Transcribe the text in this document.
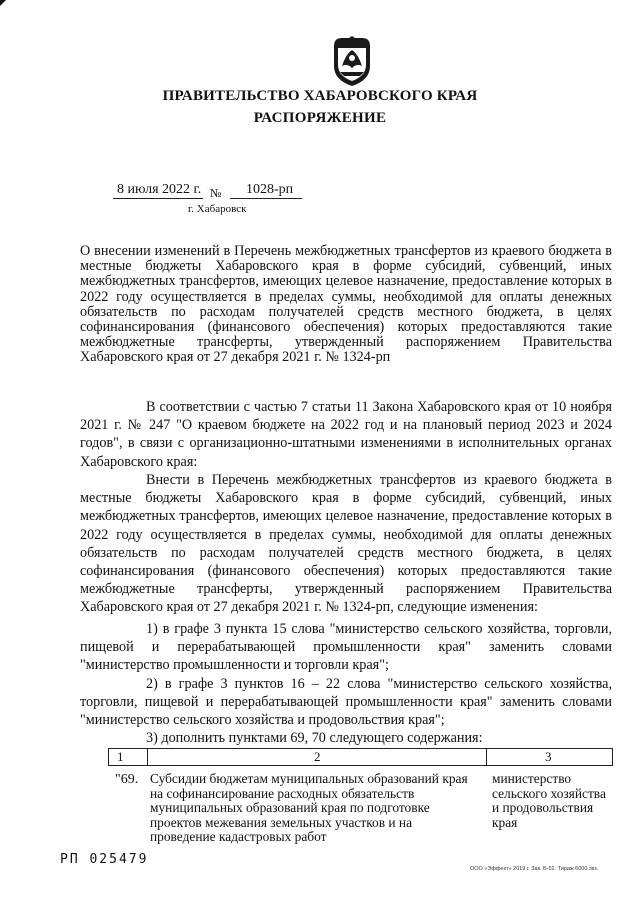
ПРАВИТЕЛЬСТВО ХАБАРОВСКОГО КРАЯ
РАСПОРЯЖЕНИЕ
8 июля 2022 г. № 1028-рп
г. Хабаровск
О внесении изменений в Перечень межбюджетных трансфертов из краевого бюджета в местные бюджеты Хабаровского края в форме субсидий, субвенций, иных межбюджетных трансфертов, имеющих целевое назначение, предоставление которых в 2022 году осуществляется в пределах суммы, необходимой для оплаты денежных обязательств по расходам получателей средств местного бюджета, в целях софинансирования (финансового обеспечения) которых предоставляются такие межбюджетные трансферты, утвержденный распоряжением Правительства Хабаровского края от 27 декабря 2021 г. № 1324-рп
В соответствии с частью 7 статьи 11 Закона Хабаровского края от 10 ноября 2021 г. № 247 "О краевом бюджете на 2022 год и на плановый период 2023 и 2024 годов", в связи с организационно-штатными изменениями в исполнительных органах Хабаровского края:
Внести в Перечень межбюджетных трансфертов из краевого бюджета в местные бюджеты Хабаровского края в форме субсидий, субвенций, иных межбюджетных трансфертов, имеющих целевое назначение, предоставление которых в 2022 году осуществляется в пределах суммы, необходимой для оплаты денежных обязательств по расходам получателей средств местного бюджета, в целях софинансирования (финансового обеспечения) которых предоставляются такие межбюджетные трансферты, утвержденный распоряжением Правительства Хабаровского края от 27 декабря 2021 г. № 1324-рп, следующие изменения:
1) в графе 3 пункта 15 слова "министерство сельского хозяйства, торговли, пищевой и перерабатывающей промышленности края" заменить словами "министерство промышленности и торговли края";
2) в графе 3 пунктов 16 – 22 слова "министерство сельского хозяйства, торговли, пищевой и перерабатывающей промышленности края" заменить словами "министерство сельского хозяйства и продовольствия края";
3) дополнить пунктами 69, 70 следующего содержания:
1	2	3
"69. Субсидии бюджетам муниципальных образований края на софинансирование расходных обязательств муниципальных образований края по подготовке проектов межевания земельных участков и на проведение кадастровых работ
министерство сельского хозяйства и продовольствия края
РП 025479
ООО «Эффект» 2019 г. Зак. Б-52. Тираж 6000 экз.
